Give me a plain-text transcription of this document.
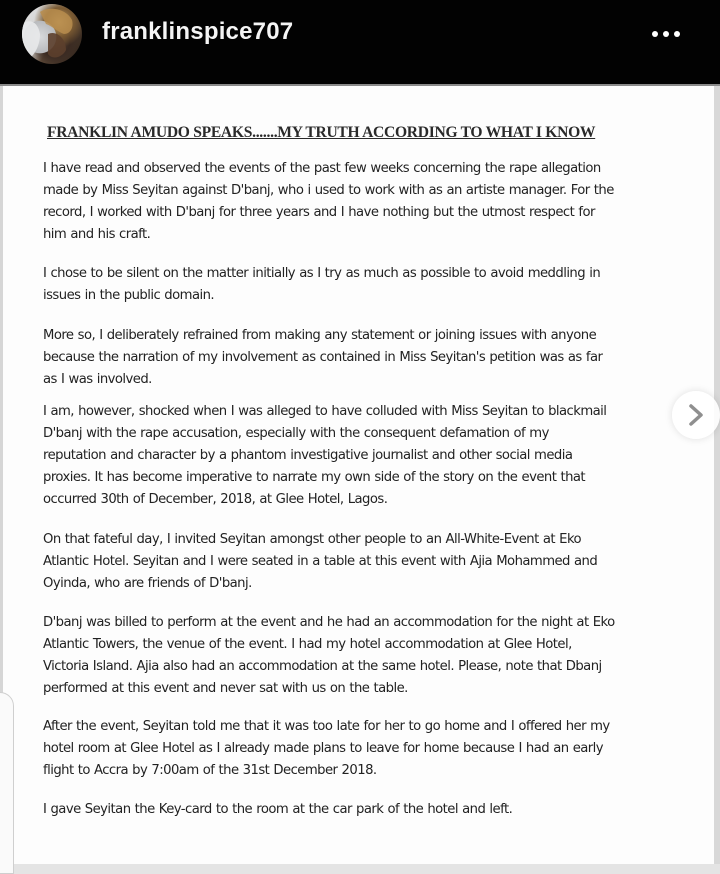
franklinspice707
FRANKLIN AMUDO SPEAKS.......MY TRUTH ACCORDING TO WHAT I KNOW
I have read and observed the events of the past few weeks concerning the rape allegation
made by Miss Seyitan against D'banj, who i used to work with as an artiste manager. For the
record, I worked with D'banj for three years and I have nothing but the utmost respect for
him and his craft.
I chose to be silent on the matter initially as I try as much as possible to avoid meddling in
issues in the public domain.
More so, I deliberately refrained from making any statement or joining issues with anyone
because the narration of my involvement as contained in Miss Seyitan's petition was as far
as I was involved.
I am, however, shocked when I was alleged to have colluded with Miss Seyitan to blackmail
D'banj with the rape accusation, especially with the consequent defamation of my
reputation and character by a phantom investigative journalist and other social media
proxies. It has become imperative to narrate my own side of the story on the event that
occurred 30th of December, 2018, at Glee Hotel, Lagos.
On that fateful day, I invited Seyitan amongst other people to an All-White-Event at Eko
Atlantic Hotel. Seyitan and I were seated in a table at this event with Ajia Mohammed and
Oyinda, who are friends of D'banj.
D'banj was billed to perform at the event and he had an accommodation for the night at Eko
Atlantic Towers, the venue of the event. I had my hotel accommodation at Glee Hotel,
Victoria Island. Ajia also had an accommodation at the same hotel. Please, note that Dbanj
performed at this event and never sat with us on the table.
After the event, Seyitan told me that it was too late for her to go home and I offered her my
hotel room at Glee Hotel as I already made plans to leave for home because I had an early
flight to Accra by 7:00am of the 31st December 2018.
I gave Seyitan the Key-card to the room at the car park of the hotel and left.
